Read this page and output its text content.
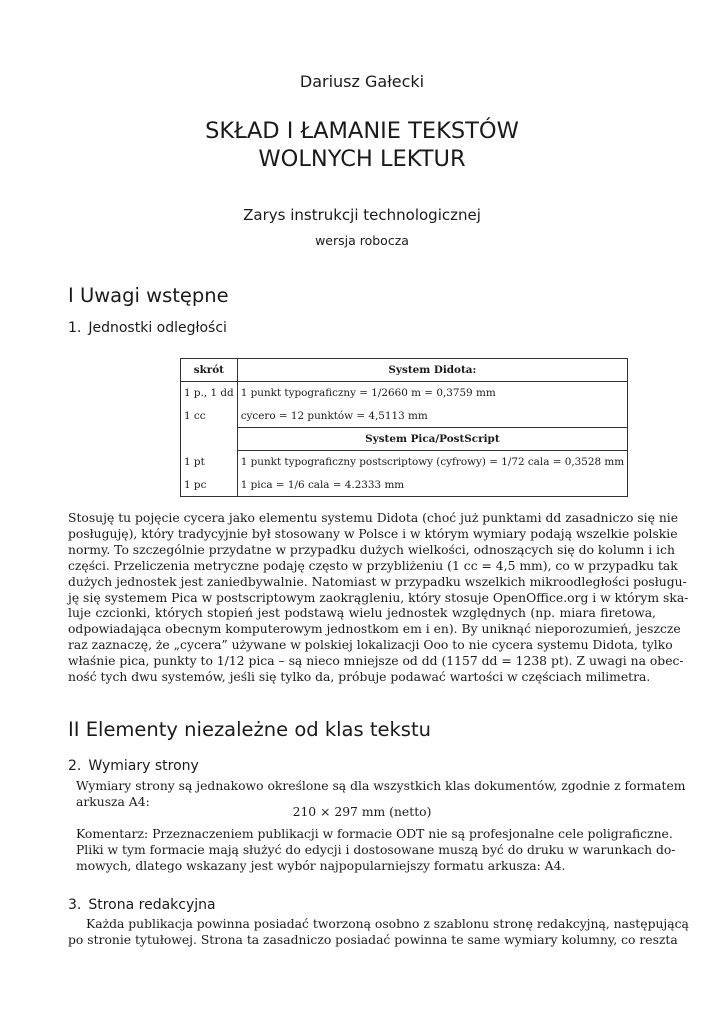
Dariusz Gałecki
SKŁAD I ŁAMANIE TEKSTÓW
WOLNYCH LEKTUR
Zarys instrukcji technologicznej
wersja robocza
I Uwagi wstępne
1. Jednostki odległości
skrót	System Didota:
1 p., 1 dd	1 punkt typograficzny = 1/2660 m = 0,3759 mm
1 cc	cycero = 12 punktów = 4,5113 mm
	System Pica/PostScript
1 pt	1 punkt typograficzny postscriptowy (cyfrowy) = 1/72 cala = 0,3528 mm
1 pc	1 pica = 1/6 cala = 4.2333 mm
Stosuję tu pojęcie cycera jako elementu systemu Didota (choć już punktami dd zasadniczo się nie
posługuję), który tradycyjnie był stosowany w Polsce i w którym wymiary podają wszelkie polskie
normy. To szczególnie przydatne w przypadku dużych wielkości, odnoszących się do kolumn i ich
części. Przeliczenia metryczne podaję często w przybliżeniu (1 cc = 4,5 mm), co w przypadku tak
dużych jednostek jest zaniedbywalnie. Natomiast w przypadku wszelkich mikroodległości posługu-
ję się systemem Pica w postscriptowym zaokrągleniu, który stosuje OpenOffice.org i w którym ska-
luje czcionki, których stopień jest podstawą wielu jednostek względnych (np. miara firetowa,
odpowiadająca obecnym komputerowym jednostkom em i en). By uniknąć nieporozumień, jeszcze
raz zaznaczę, że „cycera” używane w polskiej lokalizacji Ooo to nie cycera systemu Didota, tylko
właśnie pica, punkty to 1/12 pica – są nieco mniejsze od dd (1157 dd = 1238 pt). Z uwagi na obec-
ność tych dwu systemów, jeśli się tylko da, próbuje podawać wartości w częściach milimetra.
II Elementy niezależne od klas tekstu
2. Wymiary strony
Wymiary strony są jednakowo określone są dla wszystkich klas dokumentów, zgodnie z formatem
arkusza A4:
210 × 297 mm (netto)
Komentarz: Przeznaczeniem publikacji w formacie ODT nie są profesjonalne cele poligraficzne.
Pliki w tym formacie mają służyć do edycji i dostosowane muszą być do druku w warunkach do-
mowych, dlatego wskazany jest wybór najpopularniejszy formatu arkusza: A4.
3. Strona redakcyjna
Każda publikacja powinna posiadać tworzoną osobno z szablonu stronę redakcyjną, następującą
po stronie tytułowej. Strona ta zasadniczo posiadać powinna te same wymiary kolumny, co reszta
